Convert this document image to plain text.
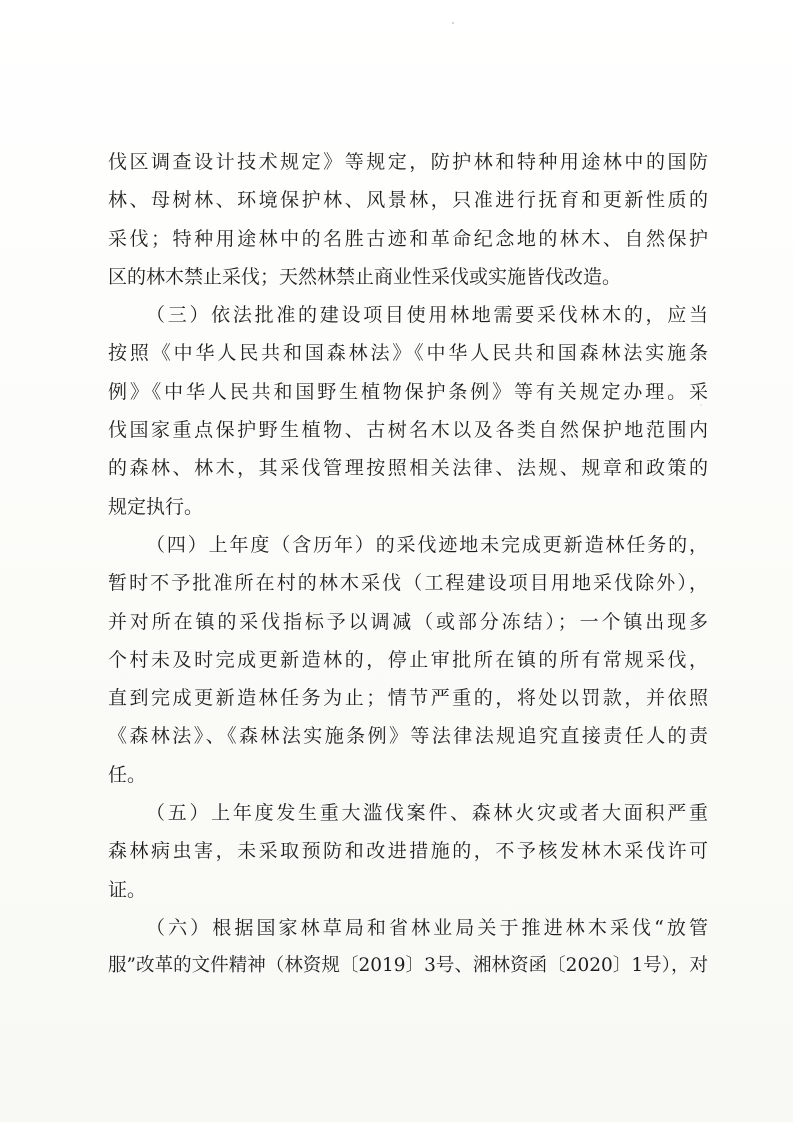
伐区调查设计技术规定》等规定，防护林和特种用途林中的国防
林、母树林、环境保护林、风景林，只准进行抚育和更新性质的
采伐；特种用途林中的名胜古迹和革命纪念地的林木、自然保护
区的林木禁止采伐；天然林禁止商业性采伐或实施皆伐改造。
（三）依法批准的建设项目使用林地需要采伐林木的，应当
按照《中华人民共和国森林法》《中华人民共和国森林法实施条
例》《中华人民共和国野生植物保护条例》等有关规定办理。采
伐国家重点保护野生植物、古树名木以及各类自然保护地范围内
的森林、林木，其采伐管理按照相关法律、法规、规章和政策的
规定执行。
（四）上年度（含历年）的采伐迹地未完成更新造林任务的，
暂时不予批准所在村的林木采伐（工程建设项目用地采伐除外），
并对所在镇的采伐指标予以调减（或部分冻结）；一个镇出现多
个村未及时完成更新造林的，停止审批所在镇的所有常规采伐，
直到完成更新造林任务为止；情节严重的，将处以罚款，并依照
《森林法》、《森林法实施条例》等法律法规追究直接责任人的责
任。
（五）上年度发生重大滥伐案件、森林火灾或者大面积严重
森林病虫害，未采取预防和改进措施的，不予核发林木采伐许可
证。
（六）根据国家林草局和省林业局关于推进林木采伐“放管
服”改革的文件精神（林资规〔2019〕3号、湘林资函〔2020〕1号），对
